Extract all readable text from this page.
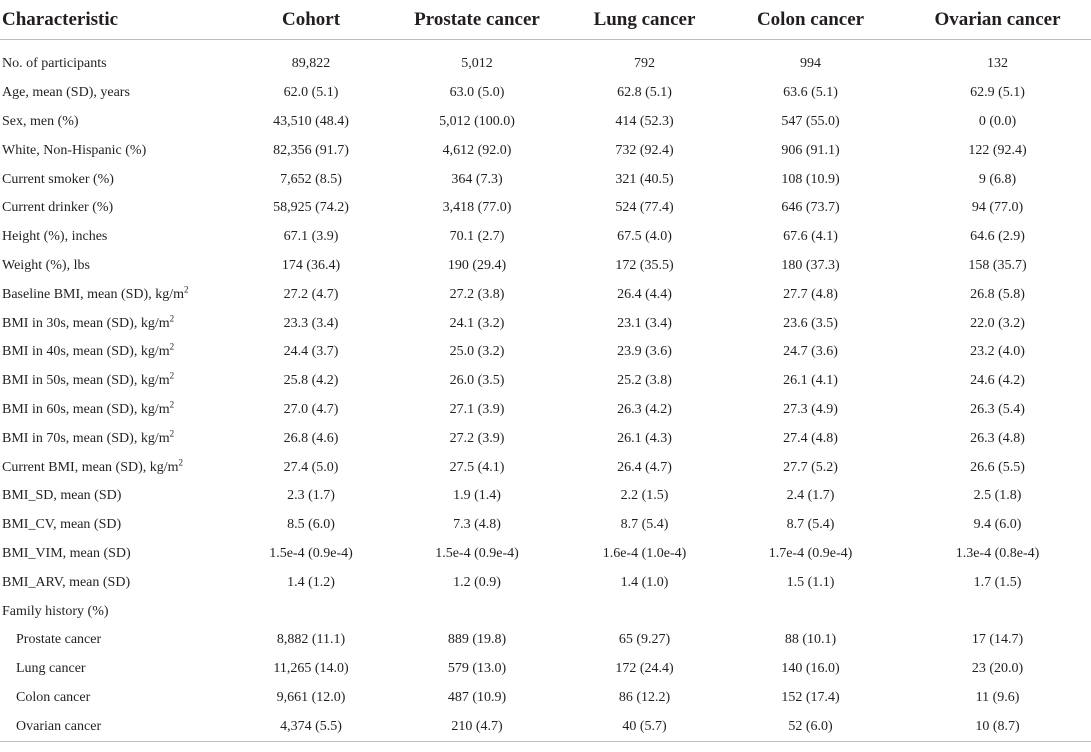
Characteristic	Cohort	Prostate cancer	Lung cancer	Colon cancer	Ovarian cancer
No. of participants	89,822	5,012	792	994	132
Age, mean (SD), years	62.0 (5.1)	63.0 (5.0)	62.8 (5.1)	63.6 (5.1)	62.9 (5.1)
Sex, men (%)	43,510 (48.4)	5,012 (100.0)	414 (52.3)	547 (55.0)	0 (0.0)
White, Non-Hispanic (%)	82,356 (91.7)	4,612 (92.0)	732 (92.4)	906 (91.1)	122 (92.4)
Current smoker (%)	7,652 (8.5)	364 (7.3)	321 (40.5)	108 (10.9)	9 (6.8)
Current drinker (%)	58,925 (74.2)	3,418 (77.0)	524 (77.4)	646 (73.7)	94 (77.0)
Height (%), inches	67.1 (3.9)	70.1 (2.7)	67.5 (4.0)	67.6 (4.1)	64.6 (2.9)
Weight (%), lbs	174 (36.4)	190 (29.4)	172 (35.5)	180 (37.3)	158 (35.7)
Baseline BMI, mean (SD), $kg/m^2$	27.2 (4.7)	27.2 (3.8)	26.4 (4.4)	27.7 (4.8)	26.8 (5.8)
BMI in 30s, mean (SD), $kg/m^2$	23.3 (3.4)	24.1 (3.2)	23.1 (3.4)	23.6 (3.5)	22.0 (3.2)
BMI in 40s, mean (SD), $kg/m^2$	24.4 (3.7)	25.0 (3.2)	23.9 (3.6)	24.7 (3.6)	23.2 (4.0)
BMI in 50s, mean (SD), $kg/m^2$	25.8 (4.2)	26.0 (3.5)	25.2 (3.8)	26.1 (4.1)	24.6 (4.2)
BMI in 60s, mean (SD), $kg/m^2$	27.0 (4.7)	27.1 (3.9)	26.3 (4.2)	27.3 (4.9)	26.3 (5.4)
BMI in 70s, mean (SD), $kg/m^2$	26.8 (4.6)	27.2 (3.9)	26.1 (4.3)	27.4 (4.8)	26.3 (4.8)
Current BMI, mean (SD), $kg/m^2$	27.4 (5.0)	27.5 (4.1)	26.4 (4.7)	27.7 (5.2)	26.6 (5.5)
BMI_SD, mean (SD)	2.3 (1.7)	1.9 (1.4)	2.2 (1.5)	2.4 (1.7)	2.5 (1.8)
BMI_CV, mean (SD)	8.5 (6.0)	7.3 (4.8)	8.7 (5.4)	8.7 (5.4)	9.4 (6.0)
BMI_VIM, mean (SD)	1.5e-4 (0.9e-4)	1.5e-4 (0.9e-4)	1.6e-4 (1.0e-4)	1.7e-4 (0.9e-4)	1.3e-4 (0.8e-4)
BMI_ARV, mean (SD)	1.4 (1.2)	1.2 (0.9)	1.4 (1.0)	1.5 (1.1)	1.7 (1.5)
Family history (%)					
Prostate cancer	8,882 (11.1)	889 (19.8)	65 (9.27)	88 (10.1)	17 (14.7)
Lung cancer	11,265 (14.0)	579 (13.0)	172 (24.4)	140 (16.0)	23 (20.0)
Colon cancer	9,661 (12.0)	487 (10.9)	86 (12.2)	152 (17.4)	11 (9.6)
Ovarian cancer	4,374 (5.5)	210 (4.7)	40 (5.7)	52 (6.0)	10 (8.7)
